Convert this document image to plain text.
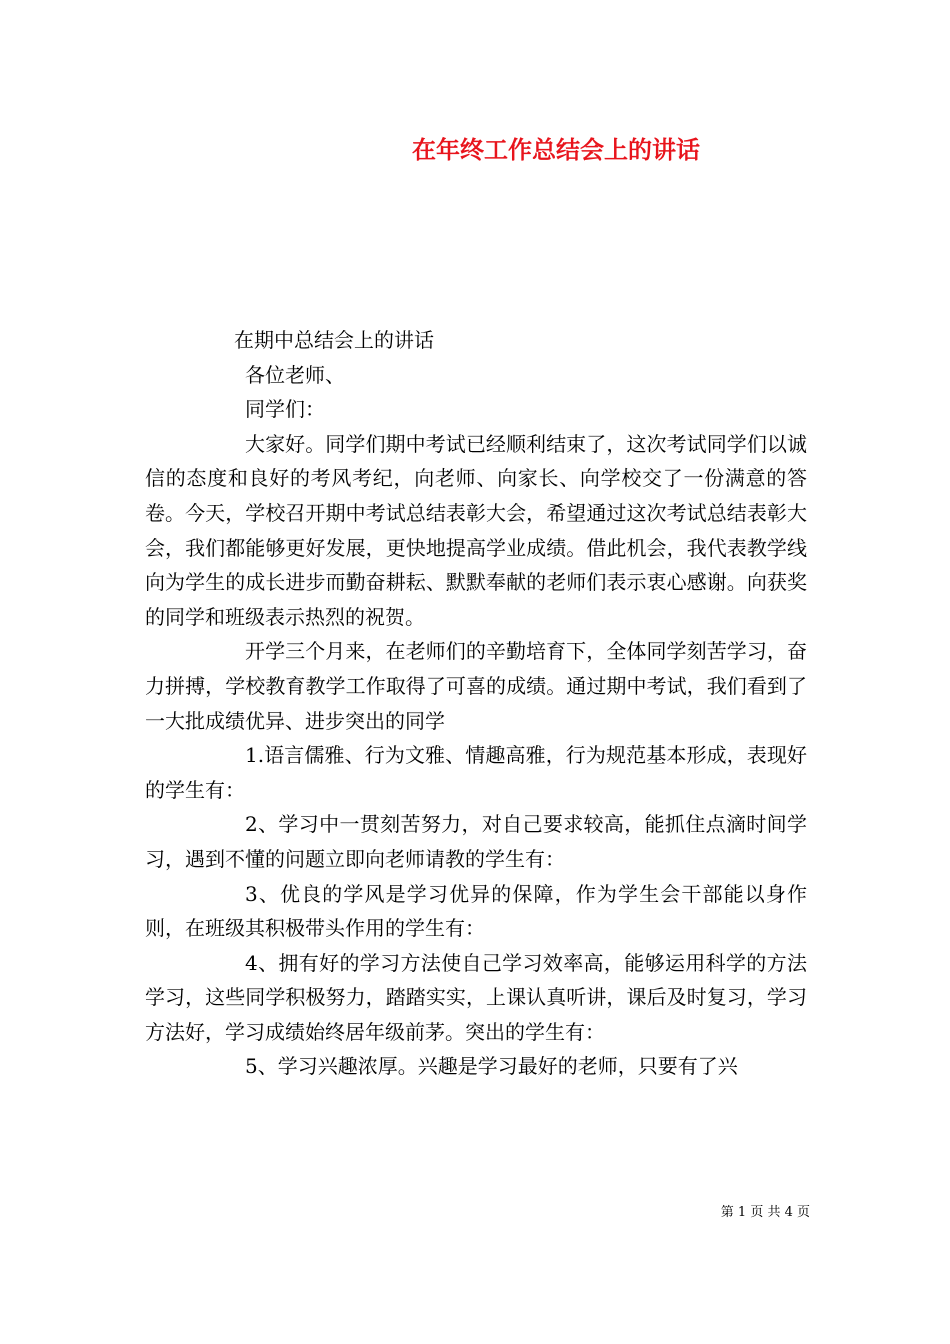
在年终工作总结会上的讲话

在期中总结会上的讲话

各位老师、

同学们：

大家好。同学们期中考试已经顺利结束了，这次考试同学们以诚信的态度和良好的考风考纪，向老师、向家长、向学校交了一份满意的答卷。今天，学校召开期中考试总结表彰大会，希望通过这次考试总结表彰大会，我们都能够更好发展，更快地提高学业成绩。借此机会，我代表教学线向为学生的成长进步而勤奋耕耘、默默奉献的老师们表示衷心感谢。向获奖的同学和班级表示热烈的祝贺。

开学三个月来，在老师们的辛勤培育下，全体同学刻苦学习，奋力拼搏，学校教育教学工作取得了可喜的成绩。通过期中考试，我们看到了一大批成绩优异、进步突出的同学

1.语言儒雅、行为文雅、情趣高雅，行为规范基本形成，表现好的学生有：

2、学习中一贯刻苦努力，对自己要求较高，能抓住点滴时间学习，遇到不懂的问题立即向老师请教的学生有：

3、优良的学风是学习优异的保障，作为学生会干部能以身作则，在班级其积极带头作用的学生有：

4、拥有好的学习方法使自己学习效率高，能够运用科学的方法学习，这些同学积极努力，踏踏实实，上课认真听讲，课后及时复习，学习方法好，学习成绩始终居年级前茅。突出的学生有：

5、学习兴趣浓厚。兴趣是学习最好的老师，只要有了兴

第 1 页 共 4 页
